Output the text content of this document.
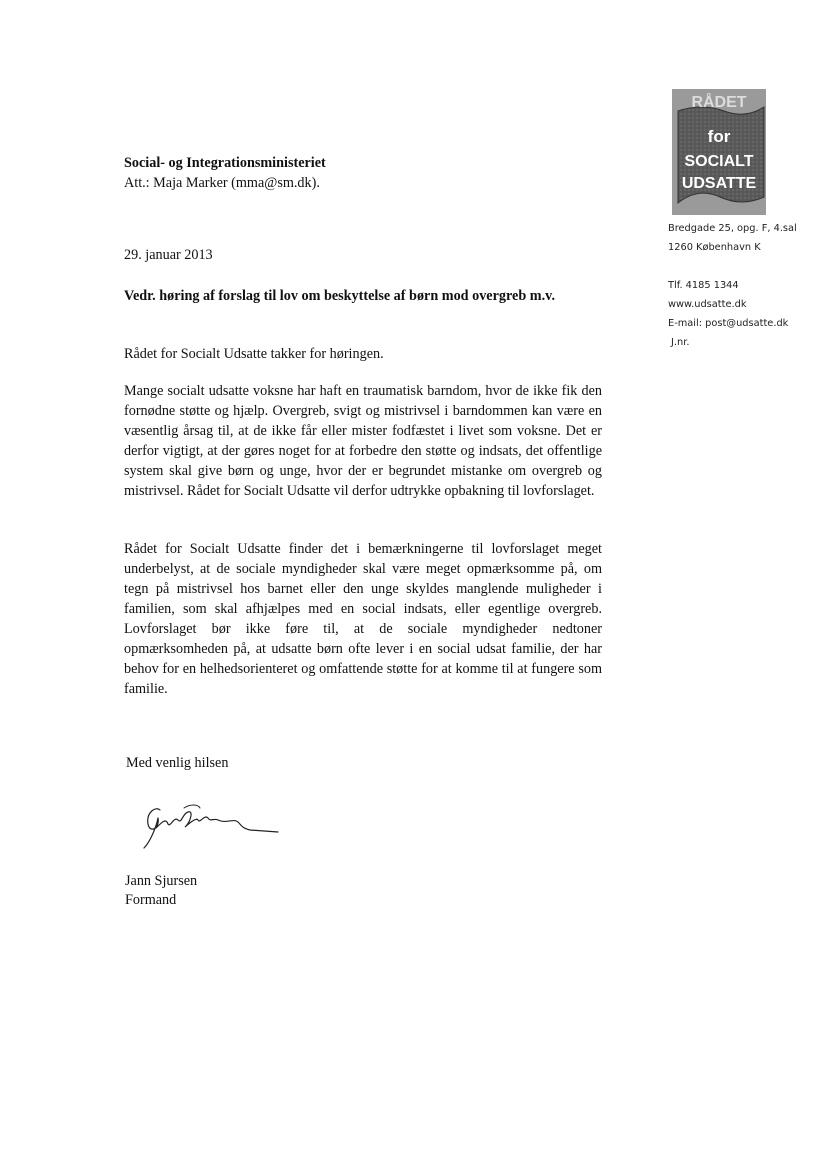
RÅDET
for
SOCIALT
UDSATTE
Bredgade 25, opg. F, 4.sal
1260 København K
Tlf. 4185 1344
www.udsatte.dk
E-mail: post@udsatte.dk
J.nr.
Social- og Integrationsministeriet
Att.: Maja Marker (mma@sm.dk).
29. januar 2013
Vedr. høring af forslag til lov om beskyttelse af børn mod overgreb m.v.

Rådet for Socialt Udsatte takker for høringen.

Mange socialt udsatte voksne har haft en traumatisk barndom, hvor de ikke fik den fornødne støtte og hjælp. Overgreb, svigt og mistrivsel i barndommen kan være en væsentlig årsag til, at de ikke får eller mister fodfæstet i livet som voksne. Det er derfor vigtigt, at der gøres noget for at forbedre den støtte og indsats, det offentlige system skal give børn og unge, hvor der er begrundet mistanke om overgreb og mistrivsel. Rådet for Socialt Udsatte vil derfor udtrykke opbakning til lovforslaget.

Rådet for Socialt Udsatte finder det i bemærkningerne til lovforslaget meget underbelyst, at de sociale myndigheder skal være meget opmærksomme på, om tegn på mistrivsel hos barnet eller den unge skyldes manglende muligheder i familien, som skal afhjælpes med en social indsats, eller egentlige overgreb. Lovforslaget bør ikke føre til, at de sociale myndigheder nedtoner opmærksomheden på, at udsatte børn ofte lever i en social udsat familie, der har behov for en helhedsorienteret og omfattende støtte for at komme til at fungere som familie.

Med venlig hilsen
Jann Sjursen
Formand
